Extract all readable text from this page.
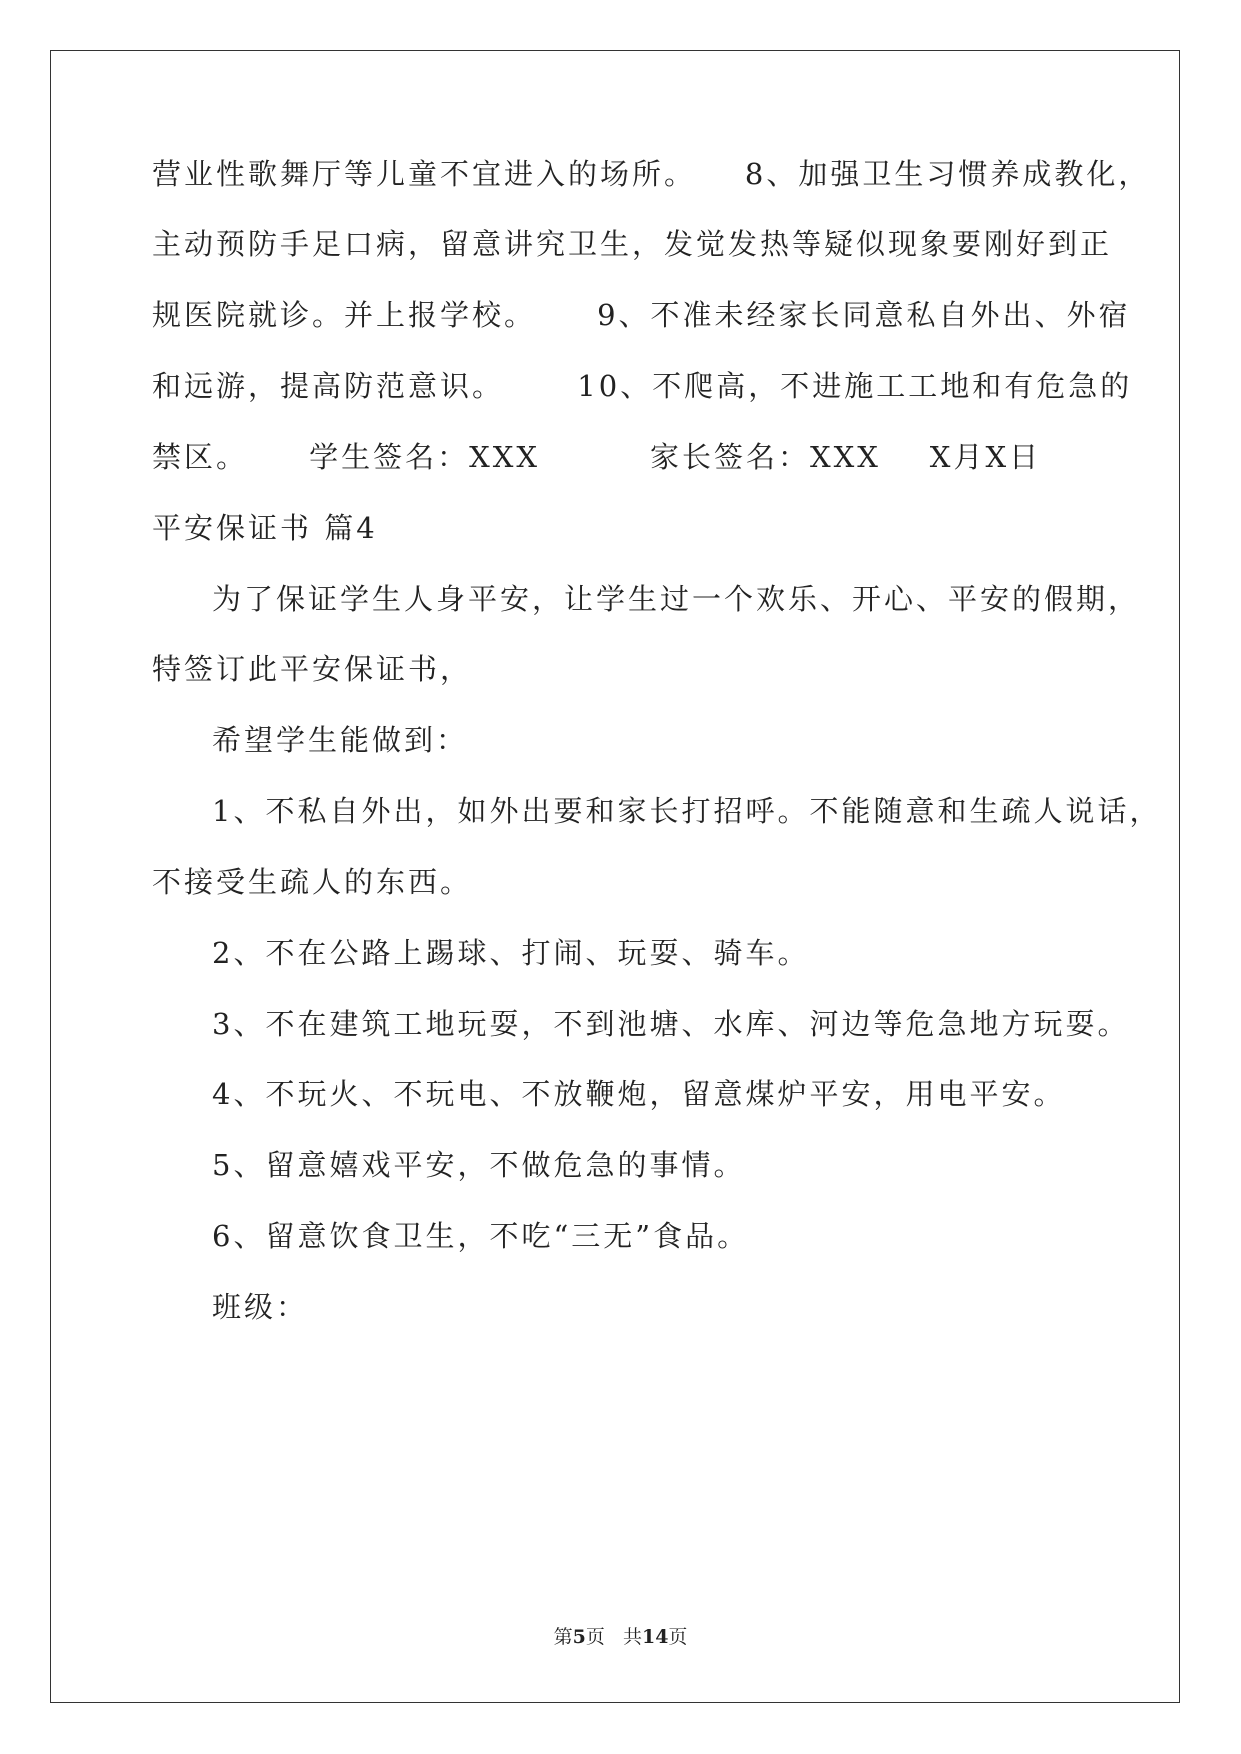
营业性歌舞厅等儿童不宜进入的场所。    8、加强卫生习惯养成教化，
主动预防手足口病，留意讲究卫生，发觉发热等疑似现象要刚好到正
规医院就诊。并上报学校。     9、不准未经家长同意私自外出、外宿
和远游，提高防范意识。      10、不爬高，不进施工工地和有危急的
禁区。     学生签名：XXX         家长签名：XXX    X月X日
平安保证书 篇4
为了保证学生人身平安，让学生过一个欢乐、开心、平安的假期，
特签订此平安保证书，
希望学生能做到：
1、不私自外出，如外出要和家长打招呼。不能随意和生疏人说话，
不接受生疏人的东西。
2、不在公路上踢球、打闹、玩耍、骑车。
3、不在建筑工地玩耍，不到池塘、水库、河边等危急地方玩耍。
4、不玩火、不玩电、不放鞭炮，留意煤炉平安，用电平安。
5、留意嬉戏平安，不做危急的事情。
6、留意饮食卫生，不吃“三无”食品。
班级：
第5页 共14页
